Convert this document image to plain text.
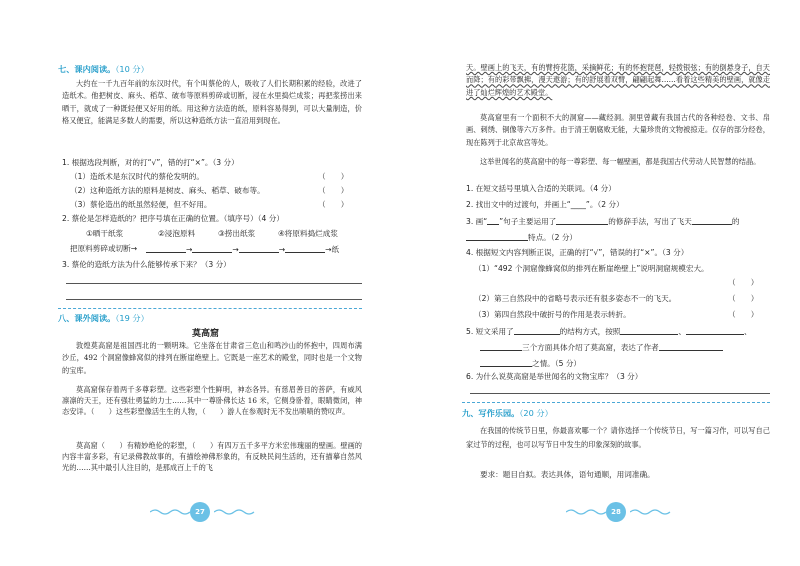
七、课内阅读。（10 分）
大约在一千九百年前的东汉时代，有个叫蔡伦的人，吸收了人们长期积累的经验，改进了造纸术。他把树皮、麻头、稻草、破布等原料剪碎或切断，浸在水里捣烂成浆；再把浆捞出来晒干，就成了一种既轻便又好用的纸。用这种方法造的纸，原料容易得到，可以大量制造，价格又便宜，能满足多数人的需要，所以这种造纸方法一直沿用到现在。
1. 根据选段判断，对的打“√”，错的打“×”。（3 分）
（1）造纸术是东汉时代的蔡伦发明的。	（　　）
（2）这种造纸方法的原料是树皮、麻头、稻草、破布等。	（　　）
（3）蔡伦造出的纸虽然轻便，但不好用。	（　　）
2. 蔡伦是怎样造纸的？把序号填在正确的位置。（填序号）（4 分）
①晒干纸浆	②浸泡原料	③捞出纸浆	④将原料捣烂成浆
把原料剪碎或切断→	→	→	→	→纸
3. 蔡伦的造纸方法为什么能够传承下来？（3 分）
八、课外阅读。（19 分）
莫高窟
敦煌莫高窟是祖国西北的一颗明珠。它坐落在甘肃省三危山和鸣沙山的怀抱中，四周布满沙丘，492 个洞窟像蜂窝似的排列在断崖绝壁上。它既是一座艺术的殿堂，同时也是一个文物的宝库。
莫高窟保存着两千多尊彩塑。这些彩塑个性鲜明，神态各异。有慈眉善目的菩萨，有威风凛凛的天王，还有强壮勇猛的力士……其中一尊卧佛长达 16 米，它侧身卧着，眼睛微闭，神态安详。（　　）这些彩塑像活生生的人物，（　　）游人在参观时无不发出啧啧的赞叹声。
莫高窟（　　）有精妙绝伦的彩塑，（　　）有四万五千多平方米宏伟瑰丽的壁画。壁画的内容丰富多彩，有记录佛教故事的，有描绘神佛形象的，有反映民间生活的，还有描摹自然风光的……其中最引人注目的，是那成百上千的飞
27
天。壁画上的飞天，有的臂挎花篮，采摘鲜花；有的怀抱琵琶，轻拨银弦；有的倒悬身子，自天而降；有的彩带飘拂，漫天遨游；有的舒展着双臂，翩翩起舞……看着这些精美的壁画，就像走进了灿烂辉煌的艺术殿堂。
莫高窟里有一个面积不大的洞窟——藏经洞。洞里曾藏有我国古代的各种经卷、文书、帛画、刺绣、铜像等六万多件。由于清王朝腐败无能，大量珍贵的文物被掠走。仅存的部分经卷，现在陈列于北京故宫等处。
这举世闻名的莫高窟中的每一尊彩塑、每一幅壁画，都是我国古代劳动人民智慧的结晶。
1. 在短文括号里填入合适的关联词。（4 分）
2. 找出文中的过渡句，并画上“____”。（2 分）
3. 画“ ”句子主要运用了	的修辞手法，写出了飞天	的
特点。（2 分）
4. 根据短文内容判断正误，正确的打“√”，错误的打“×”。（3 分）
（1）“492 个洞窟像蜂窝似的排列在断崖绝壁上”说明洞窟规模宏大。
（　　）
（2）第三自然段中的省略号表示还有很多姿态不一的飞天。	（　　）
（3）第四自然段中破折号的作用是表示转折。	（　　）
5. 短文采用了	的结构方式，按照	、	、
三个方面具体介绍了莫高窟，表达了作者
之情。（5 分）
6. 为什么说莫高窟是举世闻名的文物宝库？（3 分）
九、写作乐园。（20 分）
在我国的传统节日里，你最喜欢哪一个？请你选择一个传统节日，写一篇习作，可以写自己家过节的过程，也可以写节日中发生的印象深刻的故事。
要求：题目自拟。表达具体，语句通顺，用词准确。
28
